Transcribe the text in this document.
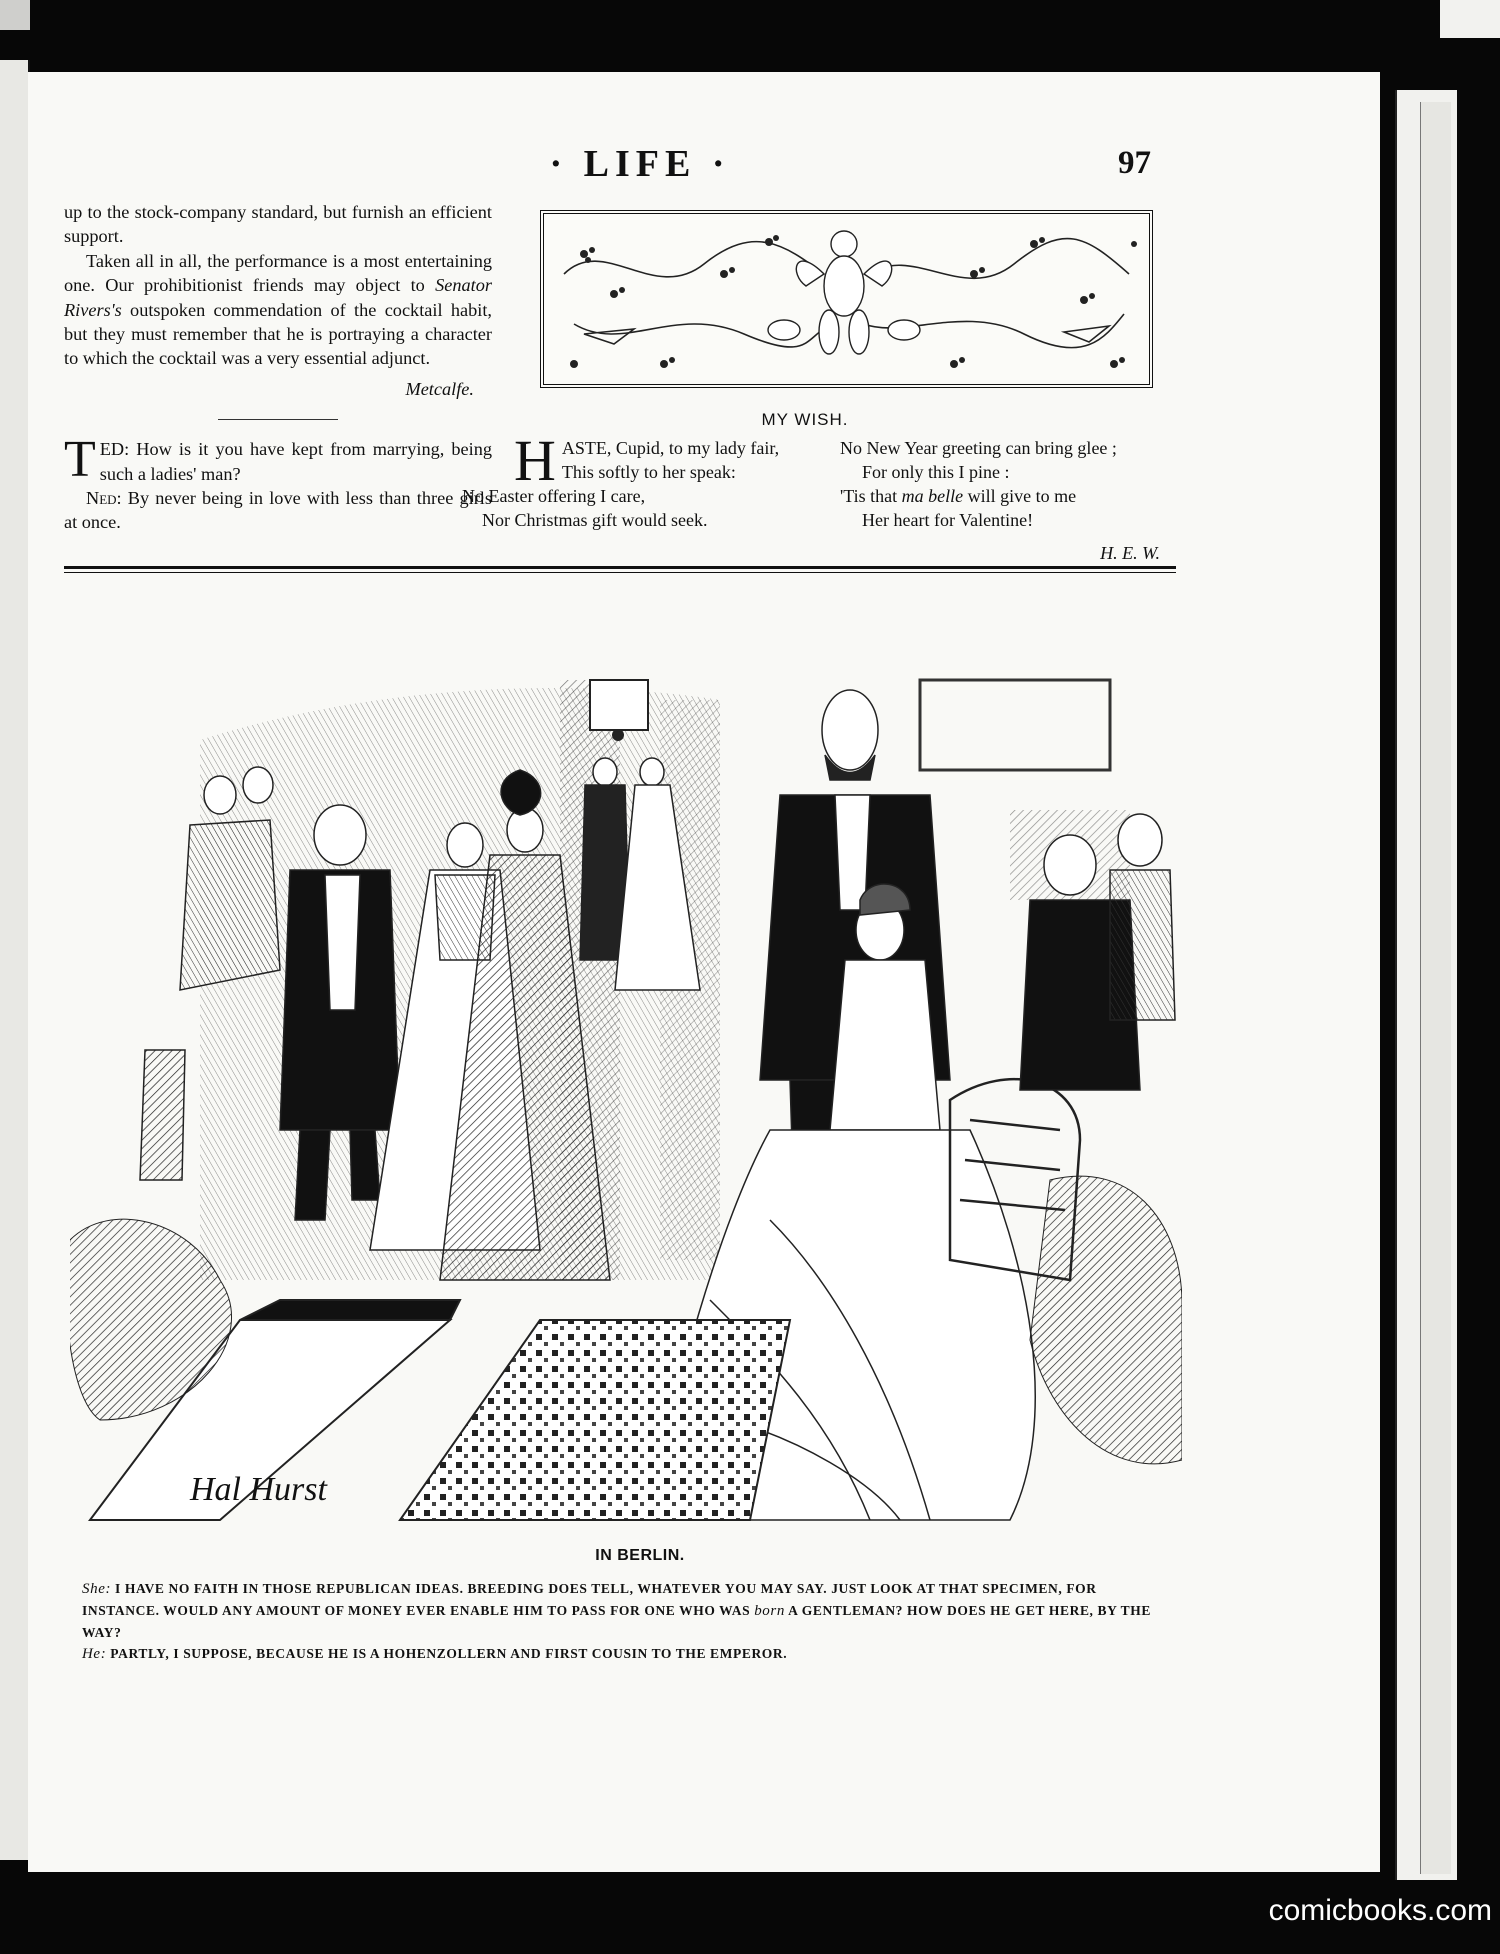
· LIFE ·	97

up to the stock-company standard, but furnish an efficient support.

Taken all in all, the performance is a most entertaining one. Our prohibitionist friends may object to Senator Rivers's outspoken commendation of the cocktail habit, but they must remember that he is portraying a character to which the cocktail was a very essential adjunct.

Metcalfe.

TED: How is it you have kept from marrying, being such a ladies' man?

Ned: By never being in love with less than three girls at once.

MY WISH.
H ASTE, Cupid, to my lady fair,

This softly to her speak:

No Easter offering I care,

Nor Christmas gift would seek.

No New Year greeting can bring glee ;

For only this I pine :

'Tis that ma belle will give to me

Her heart for Valentine!

H. E. W.
Hal Hurst
IN BERLIN.

She: I HAVE NO FAITH IN THOSE REPUBLICAN IDEAS. BREEDING DOES TELL, WHATEVER YOU MAY SAY. JUST LOOK AT THAT SPECIMEN, FOR INSTANCE. WOULD ANY AMOUNT OF MONEY EVER ENABLE HIM TO PASS FOR ONE WHO WAS born A GENTLEMAN? HOW DOES HE GET HERE, BY THE WAY?

He: PARTLY, I SUPPOSE, BECAUSE HE IS A HOHENZOLLERN AND FIRST COUSIN TO THE EMPEROR.

comicbooks.com
